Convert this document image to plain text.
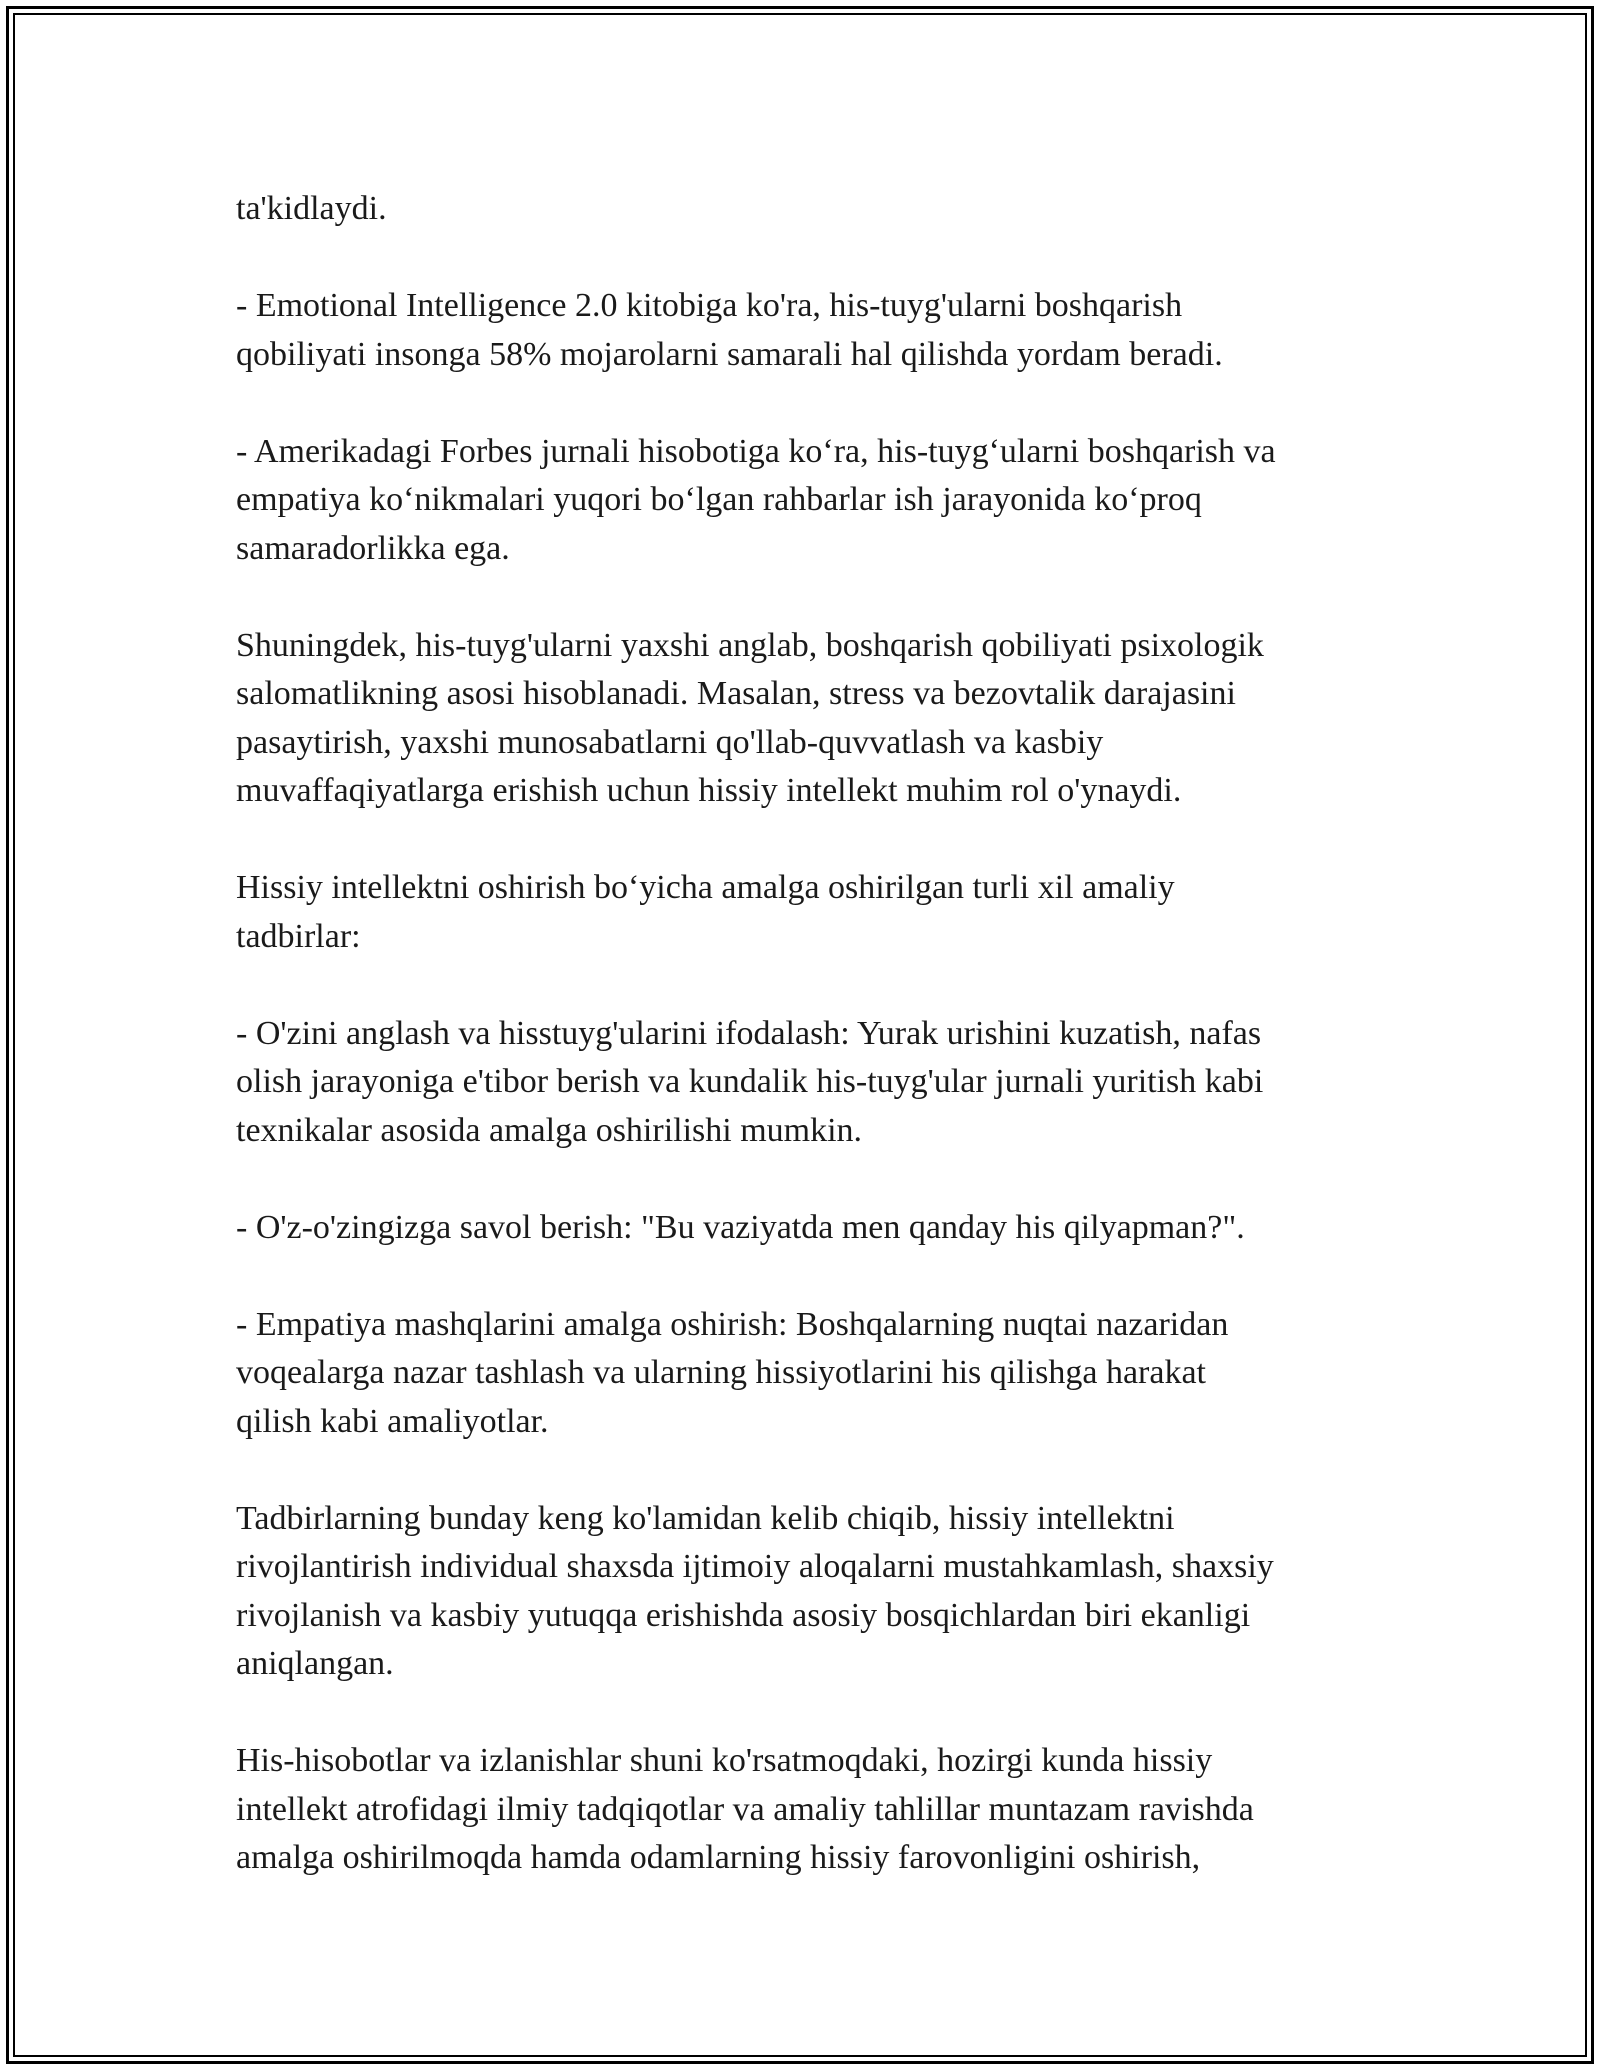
ta'kidlaydi.

- Emotional Intelligence 2.0 kitobiga ko'ra, his-tuyg'ularni boshqarish
qobiliyati insonga 58% mojarolarni samarali hal qilishda yordam beradi.

- Amerikadagi Forbes jurnali hisobotiga koʻra, his-tuygʻularni boshqarish va
empatiya koʻnikmalari yuqori boʻlgan rahbarlar ish jarayonida koʻproq
samaradorlikka ega.

Shuningdek, his-tuyg'ularni yaxshi anglab, boshqarish qobiliyati psixologik
salomatlikning asosi hisoblanadi. Masalan, stress va bezovtalik darajasini
pasaytirish, yaxshi munosabatlarni qo'llab-quvvatlash va kasbiy
muvaffaqiyatlarga erishish uchun hissiy intellekt muhim rol o'ynaydi.

Hissiy intellektni oshirish boʻyicha amalga oshirilgan turli xil amaliy
tadbirlar:

- O'zini anglash va hisstuyg'ularini ifodalash: Yurak urishini kuzatish, nafas
olish jarayoniga e'tibor berish va kundalik his-tuyg'ular jurnali yuritish kabi
texnikalar asosida amalga oshirilishi mumkin.

- O'z-o'zingizga savol berish: "Bu vaziyatda men qanday his qilyapman?".

- Empatiya mashqlarini amalga oshirish: Boshqalarning nuqtai nazaridan
voqealarga nazar tashlash va ularning hissiyotlarini his qilishga harakat
qilish kabi amaliyotlar.

Tadbirlarning bunday keng ko'lamidan kelib chiqib, hissiy intellektni
rivojlantirish individual shaxsda ijtimoiy aloqalarni mustahkamlash, shaxsiy
rivojlanish va kasbiy yutuqqa erishishda asosiy bosqichlardan biri ekanligi
aniqlangan.

His-hisobotlar va izlanishlar shuni ko'rsatmoqdaki, hozirgi kunda hissiy
intellekt atrofidagi ilmiy tadqiqotlar va amaliy tahlillar muntazam ravishda
amalga oshirilmoqda hamda odamlarning hissiy farovonligini oshirish,
